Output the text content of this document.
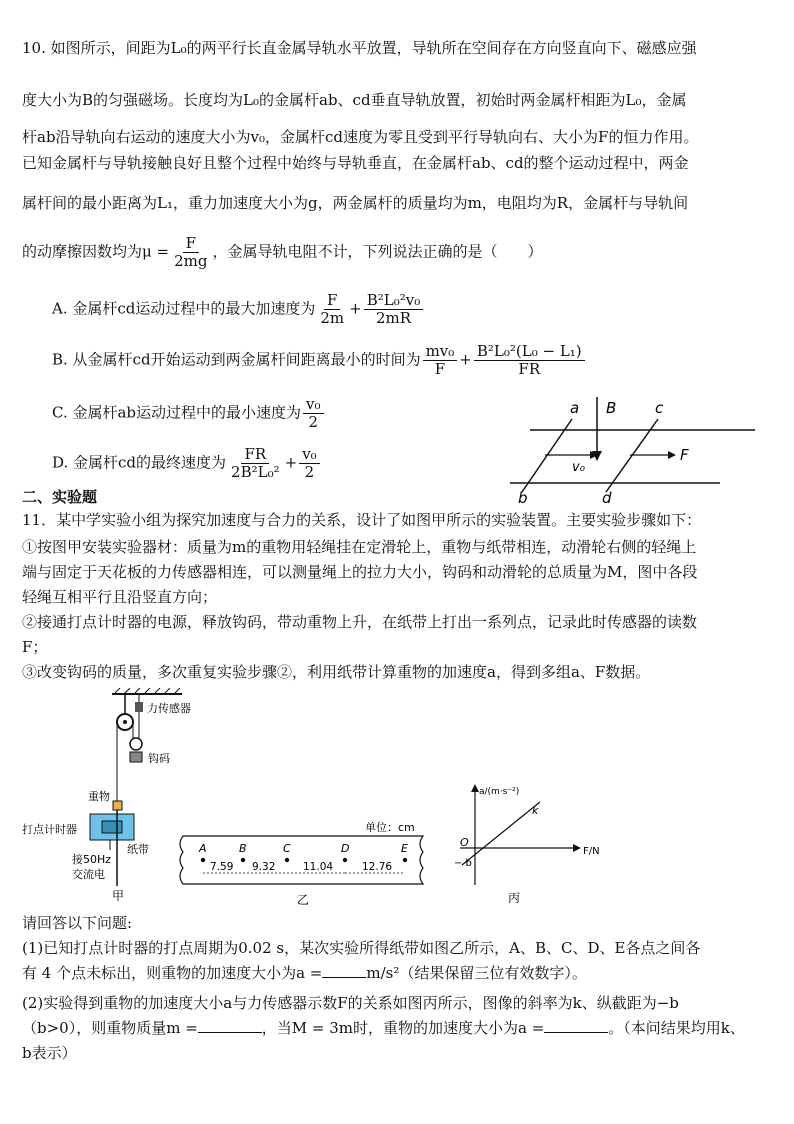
10. 如图所示，间距为L₀的两平行长直金属导轨水平放置，导轨所在空间存在方向竖直向下、磁感应强
度大小为B的匀强磁场。长度均为L₀的金属杆ab、cd垂直导轨放置，初始时两金属杆相距为L₀，金属
杆ab沿导轨向右运动的速度大小为v₀，金属杆cd速度为零且受到平行导轨向右、大小为F的恒力作用。
已知金属杆与导轨接触良好且整个过程中始终与导轨垂直，在金属杆ab、cd的整个运动过程中，两金
属杆间的最小距离为L₁，重力加速度大小为g，两金属杆的质量均为m，电阻均为R，金属杆与导轨间
的动摩擦因数均为$\mu = \frac{F}{2mg}$ ，金属导轨电阻不计，下列说法正确的是（　　）
A. 金属杆cd运动过程中的最大加速度为 $\frac{F}{2m} + \frac{\text{B²L₀²v₀}}{2mR}$
B. 从金属杆cd开始运动到两金属杆间距离最小的时间为 $\frac{\text{mv₀}}{F} + \frac{\text{B²L₀²(L₀ − L₁)}}{FR}$
C. 金属杆ab运动过程中的最小速度为 $\frac{\text{v₀}}{2}$
D. 金属杆cd的最终速度为 $\frac{FR}{\text{2B²L₀²}} + \frac{\text{v₀}}{2}$
a
b
c
d
B
v₀
F
二、实验题
11．某中学实验小组为探究加速度与合力的关系，设计了如图甲所示的实验装置。主要实验步骤如下：
①按图甲安装实验器材：质量为m的重物用轻绳挂在定滑轮上，重物与纸带相连，动滑轮右侧的轻绳上
端与固定于天花板的力传感器相连，可以测量绳上的拉力大小，钩码和动滑轮的总质量为M，图中各段
轻绳互相平行且沿竖直方向；
②接通打点计时器的电源，释放钩码，带动重物上升，在纸带上打出一系列点，记录此时传感器的读数
F；
③改变钩码的质量，多次重复实验步骤②，利用纸带计算重物的加速度a，得到多组a、F数据。
力传感器
钩码
重物
打点计时器
纸带
接50Hz
交流电
甲
单位：cm
A	B	C	D	E
7.59 9.32	11.04	12.76
乙
a/(m·s⁻²)
F/N
O
− b
k
丙
请回答以下问题:
(1)已知打点计时器的打点周期为0.02 s，某次实验所得纸带如图乙所示，A、B、C、D、E各点之间各
有 4 个点未标出，则重物的加速度大小为a =	m/s²（结果保留三位有效数字）。
(2)实验得到重物的加速度大小a与力传感器示数F的关系如图丙所示，图像的斜率为k、纵截距为−b
（b>0），则重物质量m =	，当M = 3m时，重物的加速度大小为a =	。（本问结果均用k、
b表示）
